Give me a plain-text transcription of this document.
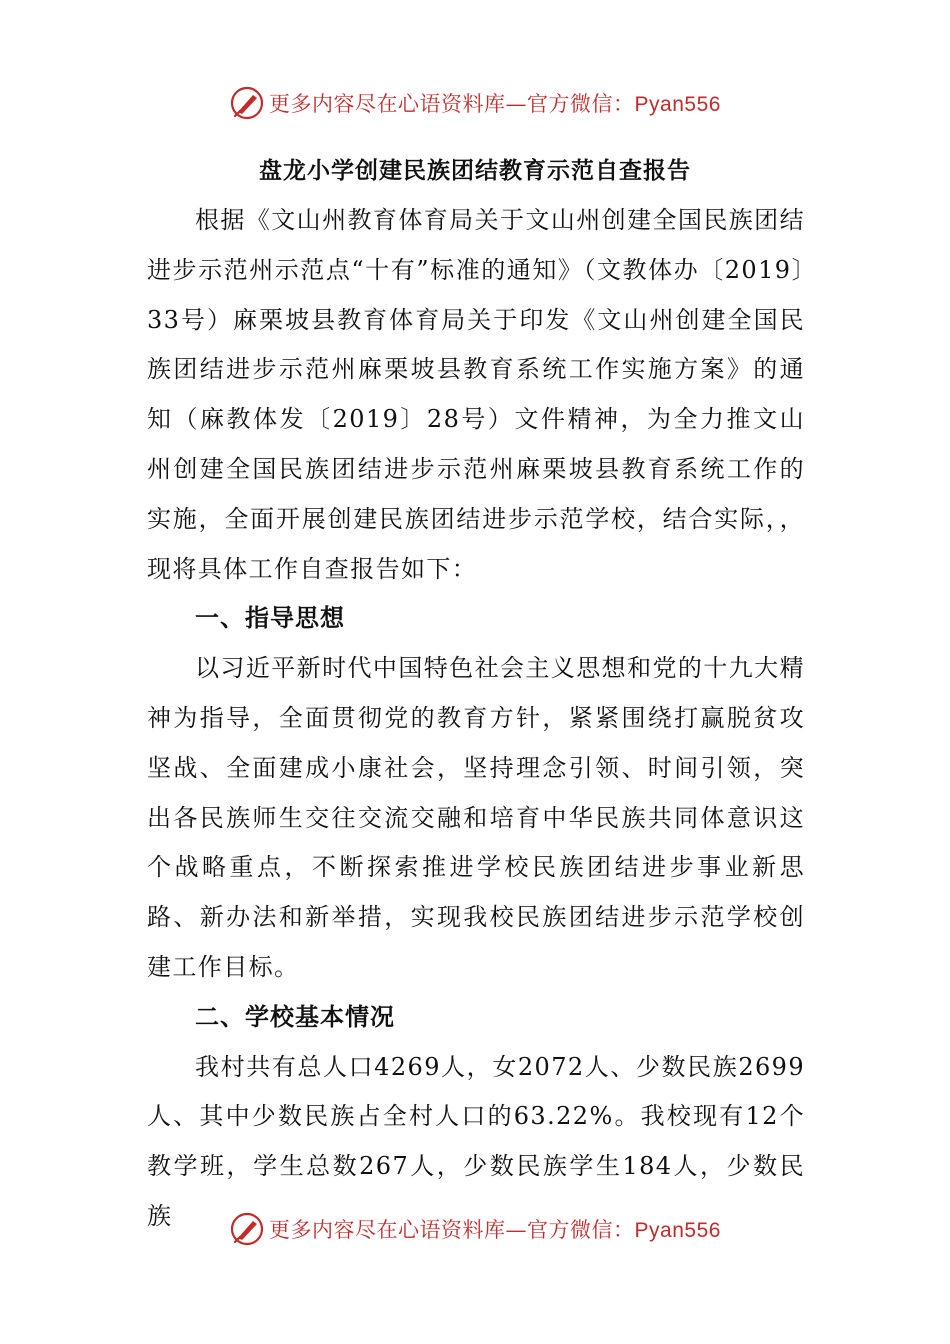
更多内容尽在心语资料库—官方微信：Pyan556
盘龙小学创建民族团结教育示范自查报告

根据《文山州教育体育局关于文山州创建全国民族团结进步示范州示范点“十有”标准的通知》（文教体办〔2019〕33号）麻栗坡县教育体育局关于印发《文山州创建全国民族团结进步示范州麻栗坡县教育系统工作实施方案》的通知（麻教体发〔2019〕28号）文件精神，为全力推文山州创建全国民族团结进步示范州麻栗坡县教育系统工作的实施，全面开展创建民族团结进步示范学校，结合实际，，现将具体工作自查报告如下：

一、指导思想

以习近平新时代中国特色社会主义思想和党的十九大精神为指导，全面贯彻党的教育方针，紧紧围绕打赢脱贫攻坚战、全面建成小康社会，坚持理念引领、时间引领，突出各民族师生交往交流交融和培育中华民族共同体意识这个战略重点，不断探索推进学校民族团结进步事业新思路、新办法和新举措，实现我校民族团结进步示范学校创建工作目标。

二、学校基本情况

我村共有总人口4269人，女2072人、少数民族2699人、其中少数民族占全村人口的63.22%。我校现有12个教学班，学生总数267人，少数民族学生184人，少数民族

更多内容尽在心语资料库—官方微信：Pyan556
